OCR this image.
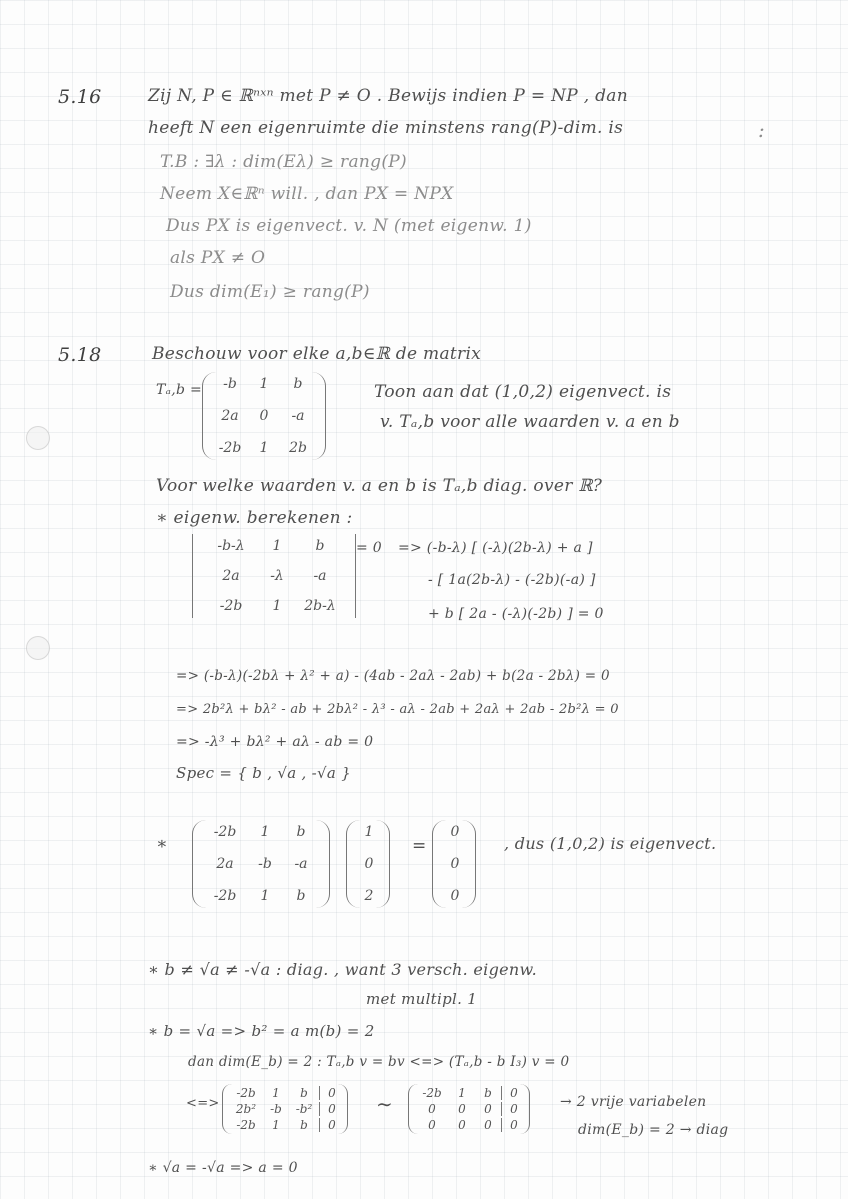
:
5.16	Zij N, P ∈ ℝⁿˣⁿ met P ≠ O . Bewijs indien P = NP , dan
heeft N een eigenruimte die minstens rang(P)-dim. is
T.B : ∃λ : dim(Eλ) ≥ rang(P)
Neem X∈ℝⁿ will. , dan PX = NPX
Dus PX is eigenvect. v. N (met eigenw. 1)
als PX ≠ O
Dus dim(E₁) ≥ rang(P)
5.18	Beschouw voor elke a,b∈ℝ de matrix
Tₐ,b =	-b	1	b
2a	0	-a
-2b	1	2b
Toon aan dat (1,0,2) eigenvect. is
v. Tₐ,b voor alle waarden v. a en b
Voor welke waarden v. a en b is Tₐ,b diag. over ℝ?
∗ eigenw. berekenen :
-b-λ	1	b
2a	-λ	-a
-2b	1	2b-λ
= 0 => (-b-λ) [ (-λ)(2b-λ) + a ]
- [ 1a(2b-λ) - (-2b)(-a) ]
+ b [ 2a - (-λ)(-2b) ] = 0
=> (-b-λ)(-2bλ + λ² + a) - (4ab - 2aλ - 2ab) + b(2a - 2bλ) = 0
=> 2b²λ + bλ² - ab + 2bλ² - λ³ - aλ - 2ab + 2aλ + 2ab - 2b²λ = 0
=> -λ³ + bλ² + aλ - ab = 0
Spec = { b , √a , -√a }
∗
-2b	1	b
2a	-b	-a
-2b	1	b
1
0
2
=
0
0
0
, dus (1,0,2) is eigenvect.
∗ b ≠ √a ≠ -√a : diag. , want 3 versch. eigenw.
met multipl. 1
∗ b = √a => b² = a m(b) = 2
dan dim(E_b) = 2 : Tₐ,b v = bv <=> (Tₐ,b - b I₃) v = 0
<=>
-2b	1	b	0
2b²	-b	-b²	0
-2b	1	b	0
∼	-2b	1	b	0
0	0	0	0
0	0	0	0
→ 2 vrije variabelen
dim(E_b) = 2 → diag
∗ √a = -√a => a = 0
